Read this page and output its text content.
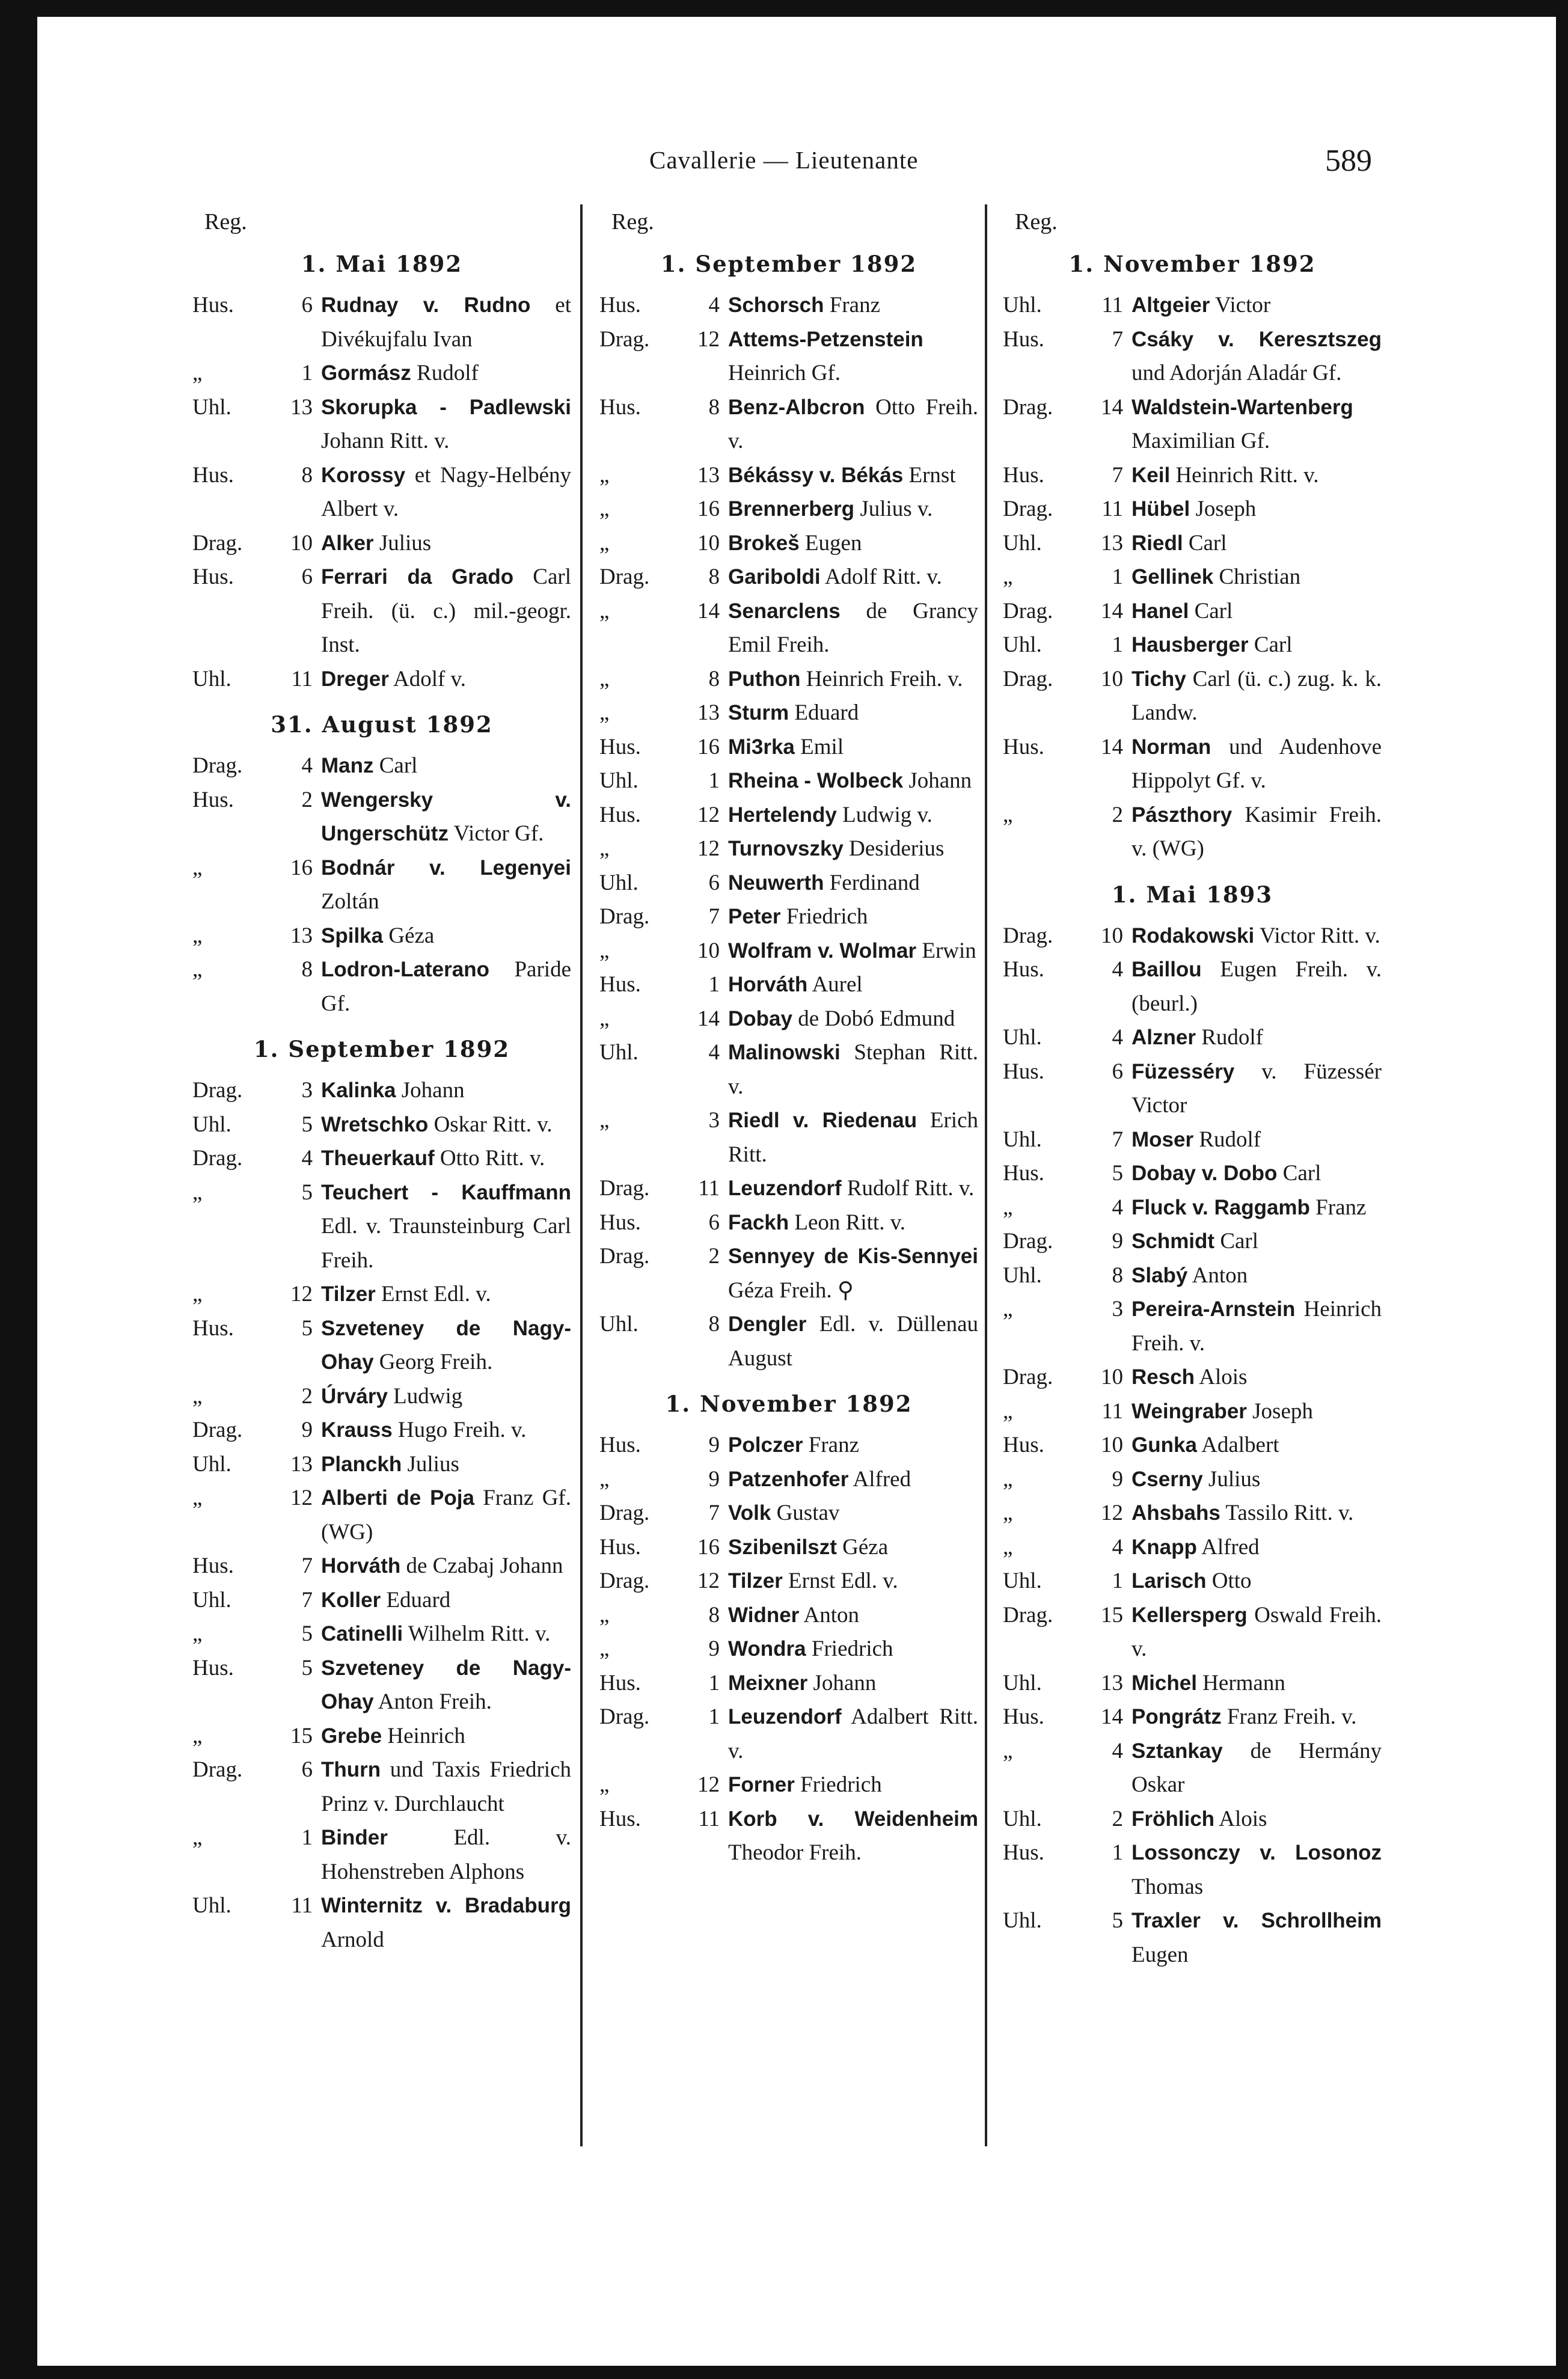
Cavallerie — Lieutenante	589
Reg.
1. Mai 1892
Hus.	6 Rudnay v. Rudno et Divékujfalu Ivan
„	1 Gormász Rudolf
Uhl.	13 Skorupka - Padlewski Johann Ritt. v.
Hus.	8 Korossy et Nagy-Helbény Albert v.
Drag.	10 Alker Julius
Hus.	6 Ferrari da Grado Carl Freih. (ü. c.) mil.-geogr. Inst.
Uhl.	11 Dreger Adolf v.
31. August 1892
Drag.	4 Manz Carl
Hus.	2 Wengersky v. Ungerschütz Victor Gf.
„	16 Bodnár v. Legenyei Zoltán
„	13 Spilka Géza
„	8 Lodron-Laterano Paride Gf.
1. September 1892
Drag.	3 Kalinka Johann
Uhl.	5 Wretschko Oskar Ritt. v.
Drag.	4 Theuerkauf Otto Ritt. v.
„	5 Teuchert - Kauffmann Edl. v. Traunsteinburg Carl Freih.
„	12 Tilzer Ernst Edl. v.
Hus.	5 Szveteney de Nagy-Ohay Georg Freih.
„	2 Úrváry Ludwig
Drag.	9 Krauss Hugo Freih. v.
Uhl.	13 Planckh Julius
„	12 Alberti de Poja Franz Gf. (WG)
Hus.	7 Horváth de Czabaj Johann
Uhl.	7 Koller Eduard
„	5 Catinelli Wilhelm Ritt. v.
Hus.	5 Szveteney de Nagy-Ohay Anton Freih.
„	15 Grebe Heinrich
Drag.	6 Thurn und Taxis Friedrich Prinz v. Durchlaucht
„	1 Binder Edl. v. Hohenstreben Alphons
Uhl.	11 Winternitz v. Bradaburg Arnold
Reg.
1. September 1892
Hus.	4 Schorsch Franz
Drag.	12 Attems-Petzenstein Heinrich Gf.
Hus.	8 Benz-Albcron Otto Freih. v.
„	13 Békássy v. Békás Ernst
„	16 Brennerberg Julius v.
„	10 Brokeš Eugen
Drag.	8 Gariboldi Adolf Ritt. v.
„	14 Senarclens de Grancy Emil Freih.
„	8 Puthon Heinrich Freih. v.
„	13 Sturm Eduard
Hus.	16 Mi3rka Emil
Uhl.	1 Rheina - Wolbeck Johann
Hus.	12 Hertelendy Ludwig v.
„	12 Turnovszky Desiderius
Uhl.	6 Neuwerth Ferdinand
Drag.	7 Peter Friedrich
„	10 Wolfram v. Wolmar Erwin
Hus.	1 Horváth Aurel
„	14 Dobay de Dobó Edmund
Uhl.	4 Malinowski Stephan Ritt. v.
„	3 Riedl v. Riedenau Erich Ritt.
Drag.	11 Leuzendorf Rudolf Ritt. v.
Hus.	6 Fackh Leon Ritt. v.
Drag.	2 Sennyey de Kis-Sennyei Géza Freih. ⚲
Uhl.	8 Dengler Edl. v. Düllenau August
1. November 1892
Hus.	9 Polczer Franz
„	9 Patzenhofer Alfred
Drag.	7 Volk Gustav
Hus.	16 Szibenilszt Géza
Drag.	12 Tilzer Ernst Edl. v.
„	8 Widner Anton
„	9 Wondra Friedrich
Hus.	1 Meixner Johann
Drag.	1 Leuzendorf Adalbert Ritt. v.
„	12 Forner Friedrich
Hus.	11 Korb v. Weidenheim Theodor Freih.
Reg.
1. November 1892
Uhl.	11 Altgeier Victor
Hus.	7 Csáky v. Keresztszeg und Adorján Aladár Gf.
Drag.	14 Waldstein-Wartenberg Maximilian Gf.
Hus.	7 Keil Heinrich Ritt. v.
Drag.	11 Hübel Joseph
Uhl.	13 Riedl Carl
„	1 Gellinek Christian
Drag.	14 Hanel Carl
Uhl.	1 Hausberger Carl
Drag.	10 Tichy Carl (ü. c.) zug. k. k. Landw.
Hus.	14 Norman und Audenhove Hippolyt Gf. v.
„	2 Pászthory Kasimir Freih. v. (WG)
1. Mai 1893
Drag.	10 Rodakowski Victor Ritt. v.
Hus.	4 Baillou Eugen Freih. v. (beurl.)
Uhl.	4 Alzner Rudolf
Hus.	6 Füzesséry v. Füzessér Victor
Uhl.	7 Moser Rudolf
Hus.	5 Dobay v. Dobo Carl
„	4 Fluck v. Raggamb Franz
Drag.	9 Schmidt Carl
Uhl.	8 Slabý Anton
„	3 Pereira-Arnstein Heinrich Freih. v.
Drag.	10 Resch Alois
„	11 Weingraber Joseph
Hus.	10 Gunka Adalbert
„	9 Cserny Julius
„	12 Ahsbahs Tassilo Ritt. v.
„	4 Knapp Alfred
Uhl.	1 Larisch Otto
Drag.	15 Kellersperg Oswald Freih. v.
Uhl.	13 Michel Hermann
Hus.	14 Pongrátz Franz Freih. v.
„	4 Sztankay de Hermány Oskar
Uhl.	2 Fröhlich Alois
Hus.	1 Lossonczy v. Losonoz Thomas
Uhl.	5 Traxler v. Schrollheim Eugen
